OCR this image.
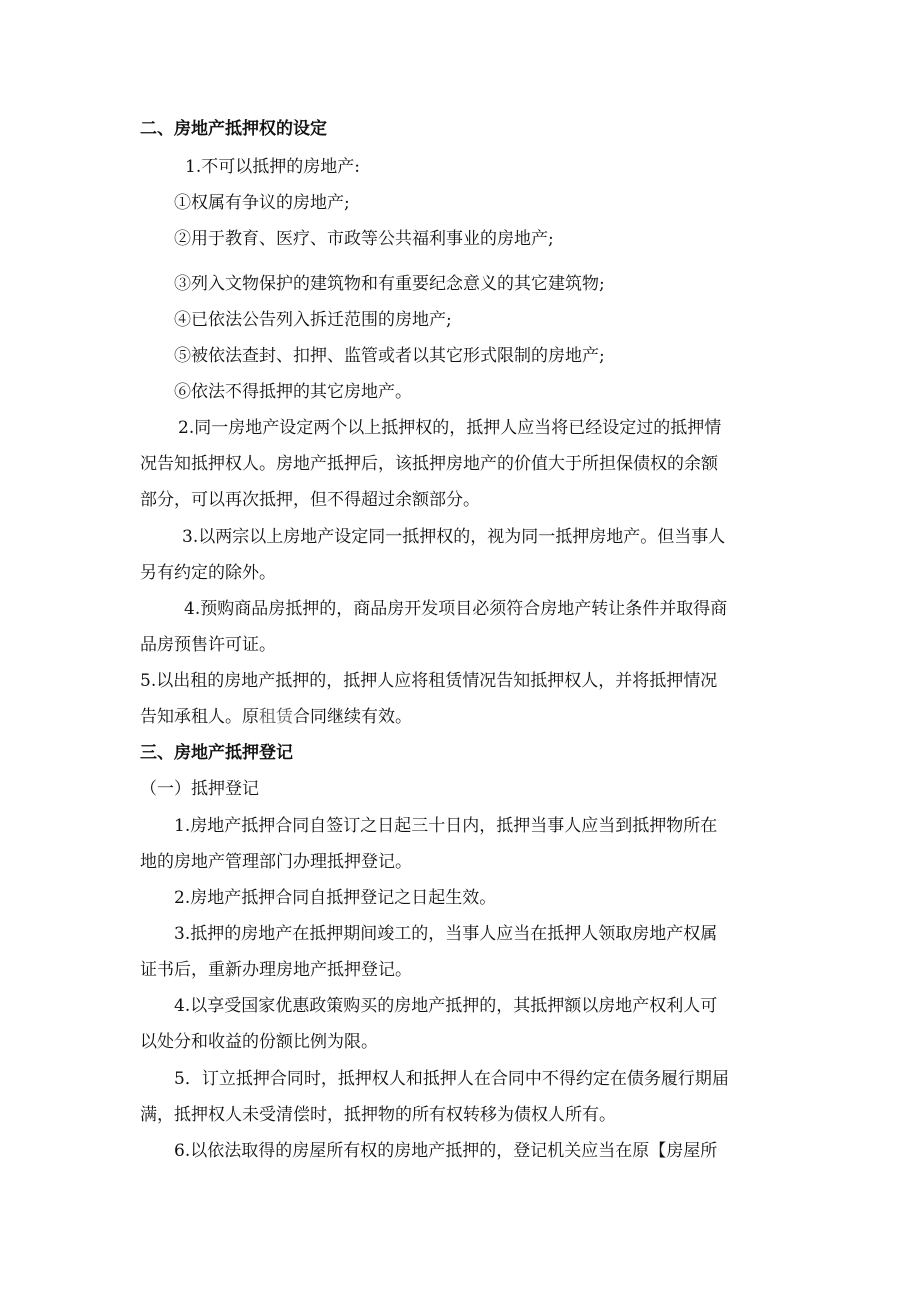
二、房地产抵押权的设定
1.不可以抵押的房地产:
①权属有争议的房地产;
②用于教育、医疗、市政等公共福利事业的房地产;
③列入文物保护的建筑物和有重要纪念意义的其它建筑物;
④已依法公告列入拆迁范围的房地产;
⑤被依法查封、扣押、监管或者以其它形式限制的房地产;
⑥依法不得抵押的其它房地产。
2.同一房地产设定两个以上抵押权的，抵押人应当将已经设定过的抵押情
况告知抵押权人。房地产抵押后，该抵押房地产的价值大于所担保债权的余额
部分，可以再次抵押，但不得超过余额部分。
3.以两宗以上房地产设定同一抵押权的，视为同一抵押房地产。但当事人
另有约定的除外。
4.预购商品房抵押的，商品房开发项目必须符合房地产转让条件并取得商
品房预售许可证。
5.以出租的房地产抵押的，抵押人应将租赁情况告知抵押权人，并将抵押情况
告知承租人。原租赁合同继续有效。
三、房地产抵押登记
（一）抵押登记
1.房地产抵押合同自签订之日起三十日内，抵押当事人应当到抵押物所在
地的房地产管理部门办理抵押登记。
2.房地产抵押合同自抵押登记之日起生效。
3.抵押的房地产在抵押期间竣工的，当事人应当在抵押人领取房地产权属
证书后，重新办理房地产抵押登记。
4.以享受国家优惠政策购买的房地产抵押的，其抵押额以房地产权利人可
以处分和收益的份额比例为限。
5．订立抵押合同时，抵押权人和抵押人在合同中不得约定在债务履行期届
满，抵押权人未受清偿时，抵押物的所有权转移为债权人所有。
6.以依法取得的房屋所有权的房地产抵押的，登记机关应当在原【房屋所
